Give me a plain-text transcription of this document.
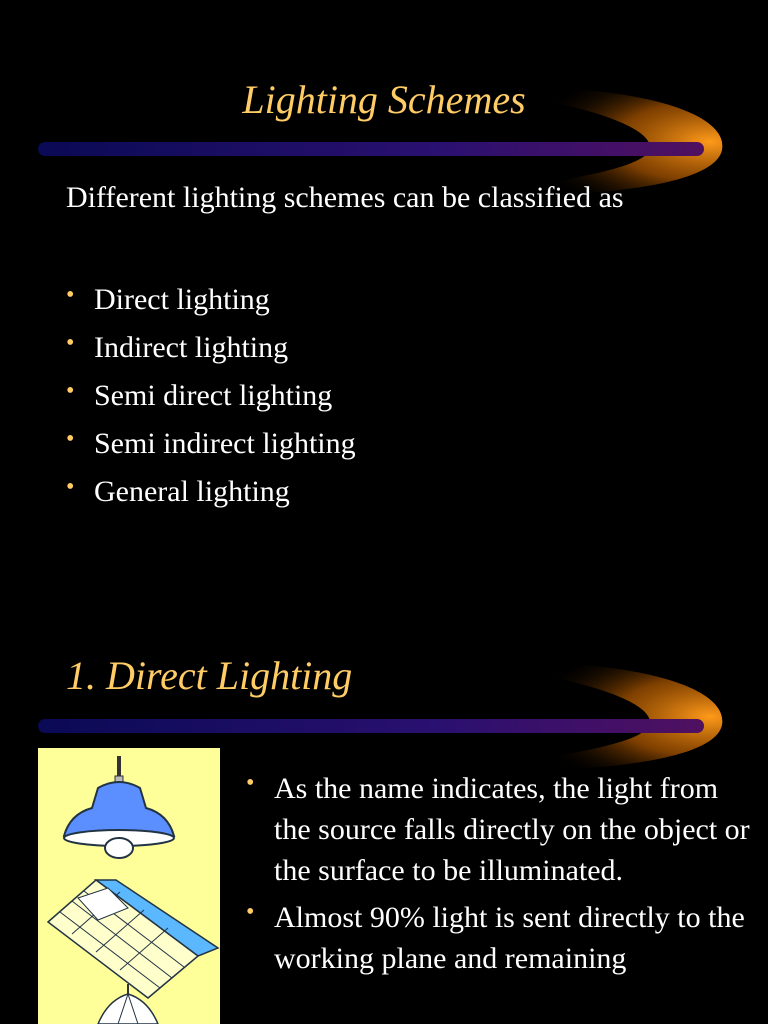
Lighting Schemes
Different lighting schemes can be classified as
• Direct lighting
• Indirect lighting
• Semi direct lighting
• Semi indirect lighting
• General lighting
1. Direct Lighting
• As the name indicates, the light from the source falls directly on the object or the surface to be illuminated.
• Almost 90% light is sent directly to the working plane and remaining
